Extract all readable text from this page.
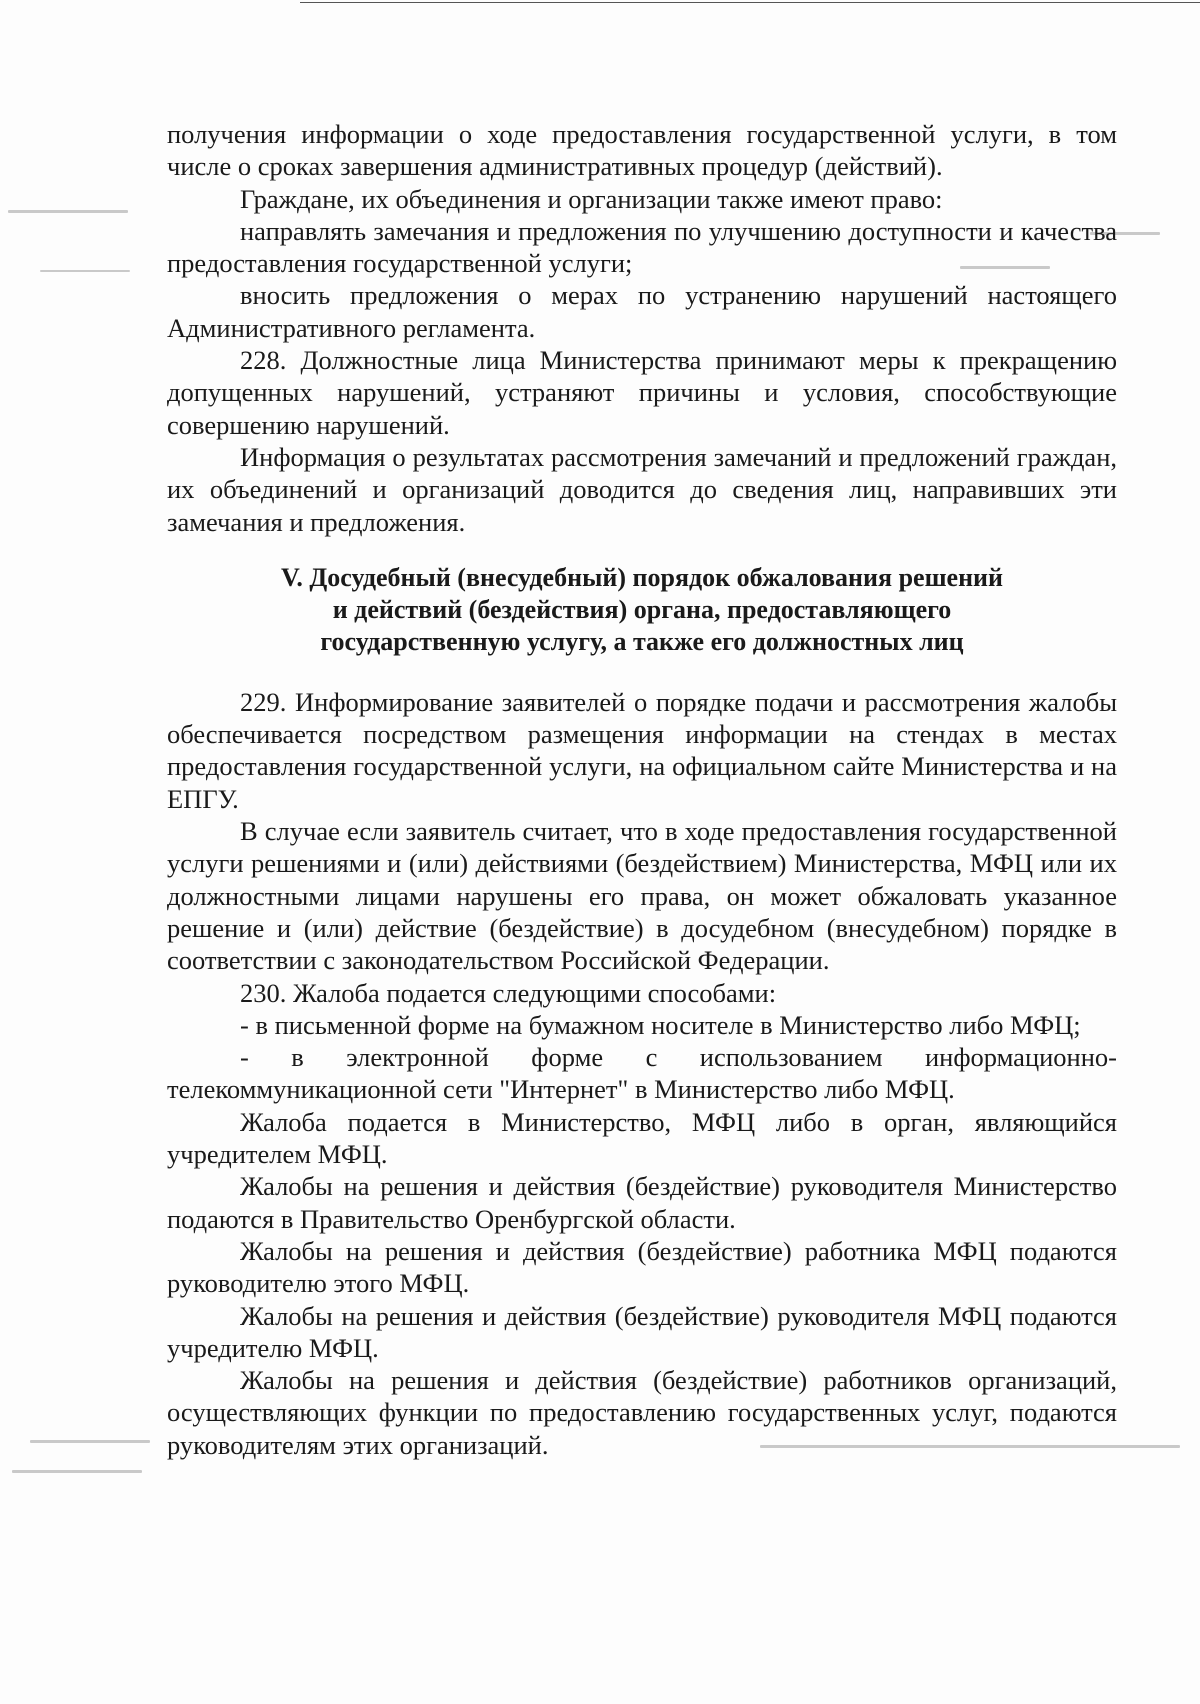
получения информации о ходе предоставления государственной услуги, в том числе о сроках завершения административных процедур (действий).

Граждане, их объединения и организации также имеют право:

направлять замечания и предложения по улучшению доступности и качества предоставления государственной услуги;

вносить предложения о мерах по устранению нарушений настоящего Административного регламента.

228. Должностные лица Министерства принимают меры к прекращению допущенных нарушений, устраняют причины и условия, способствующие совершению нарушений.

Информация о результатах рассмотрения замечаний и предложений граждан, их объединений и организаций доводится до сведения лиц, направивших эти замечания и предложения.

V. Досудебный (внесудебный) порядок обжалования решений
и действий (бездействия) органа, предоставляющего
государственную услугу, а также его должностных лиц

229. Информирование заявителей о порядке подачи и рассмотрения жалобы обеспечивается посредством размещения информации на стендах в местах предоставления государственной услуги, на официальном сайте Министерства и на ЕПГУ.

В случае если заявитель считает, что в ходе предоставления государственной услуги решениями и (или) действиями (бездействием) Министерства, МФЦ или их должностными лицами нарушены его права, он может обжаловать указанное решение и (или) действие (бездействие) в досудебном (внесудебном) порядке в соответствии с законодательством Российской Федерации.

230. Жалоба подается следующими способами:

- в письменной форме на бумажном носителе в Министерство либо МФЦ;

- в электронной форме с использованием информационно-телекоммуникационной сети "Интернет" в Министерство либо МФЦ.

Жалоба подается в Министерство, МФЦ либо в орган, являющийся учредителем МФЦ.

Жалобы на решения и действия (бездействие) руководителя Министерство подаются в Правительство Оренбургской области.

Жалобы на решения и действия (бездействие) работника МФЦ подаются руководителю этого МФЦ.

Жалобы на решения и действия (бездействие) руководителя МФЦ подаются учредителю МФЦ.

Жалобы на решения и действия (бездействие) работников организаций, осуществляющих функции по предоставлению государственных услуг, подаются руководителям этих организаций.
